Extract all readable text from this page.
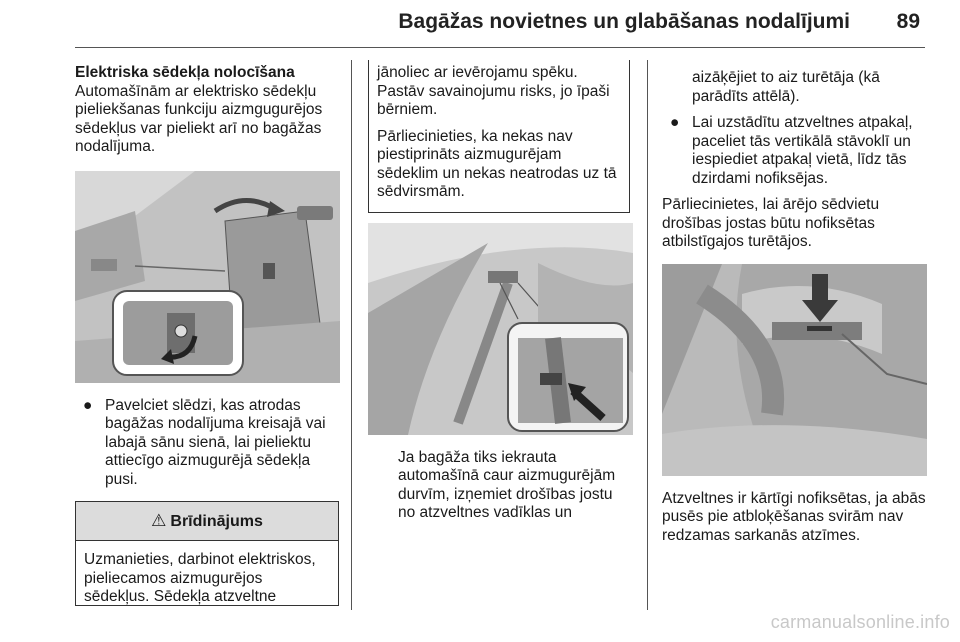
Bagāžas novietnes un glabāšanas nodalījumi	89

Elektriska sēdekļa nolocīšana

Automašīnām ar elektrisko sēdekļu pieliekšanas funkciju aizmgugurējos sēdekļus var pieliekt arī no bagāžas nodalījuma.

● Pavelciet slēdzi, kas atrodas bagāžas nodalījuma kreisajā vai labajā sānu sienā, lai pieliektu attiecīgo aizmugurējā sēdekļa pusi.
⚠ Brīdinājums

Uzmanieties, darbinot elektriskos, pieliecamos aizmugurējos sēdekļus. Sēdekļa atzveltne

jānoliec ar ievērojamu spēku. Pastāv savainojumu risks, jo īpaši bērniem.

Pārliecinieties, ka nekas nav piestiprināts aizmugurējam sēdeklim un nekas neatrodas uz tā sēdvirsmām.

Ja bagāža tiks iekrauta automašīnā caur aizmugurējām durvīm, izņemiet drošības jostu no atzveltnes vadīklas un

aizāķējiet to aiz turētāja (kā parādīts attēlā).

● Lai uzstādītu atzveltnes atpakaļ, paceliet tās vertikālā stāvoklī un iespiediet atpakaļ vietā, līdz tās dzirdami nofiksējas.

Pārliecinietes, lai ārējo sēdvietu drošības jostas būtu nofiksētas atbilstīgajos turētājos.

Atzveltnes ir kārtīgi nofiksētas, ja abās pusēs pie atbloķēšanas svirām nav redzamas sarkanās atzīmes.

carmanualsonline.info
